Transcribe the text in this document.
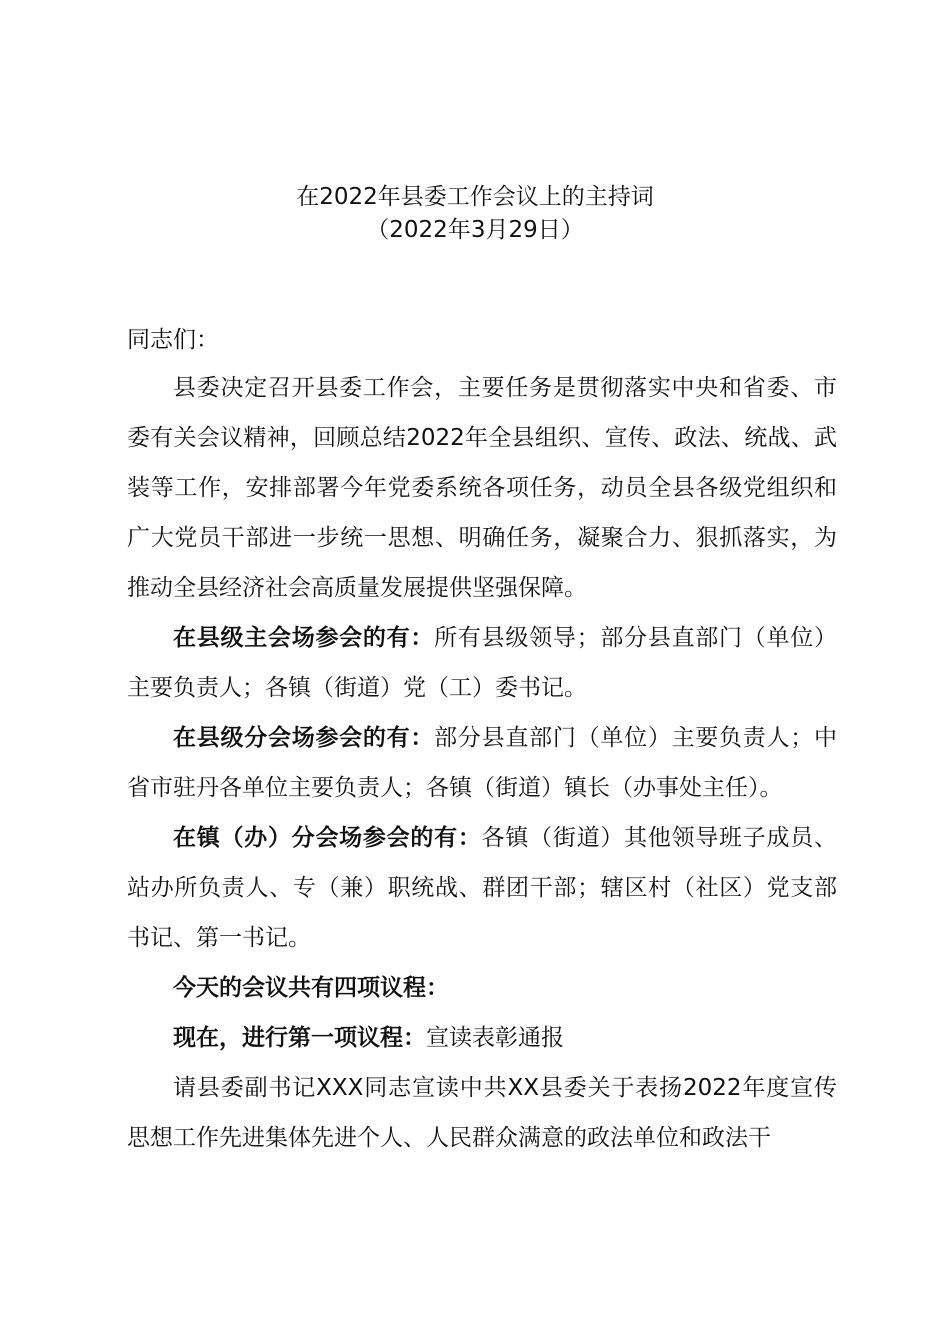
在2022年县委工作会议上的主持词
（2022年3月29日）
同志们：

县委决定召开县委工作会，主要任务是贯彻落实中央和省委、市委有关会议精神，回顾总结2022年全县组织、宣传、政法、统战、武装等工作，安排部署今年党委系统各项任务，动员全县各级党组织和广大党员干部进一步统一思想、明确任务，凝聚合力、狠抓落实，为推动全县经济社会高质量发展提供坚强保障。

在县级主会场参会的有：所有县级领导；部分县直部门（单位）主要负责人；各镇（街道）党（工）委书记。

在县级分会场参会的有：部分县直部门（单位）主要负责人；中省市驻丹各单位主要负责人；各镇（街道）镇长（办事处主任）。

在镇（办）分会场参会的有：各镇（街道）其他领导班子成员、站办所负责人、专（兼）职统战、群团干部；辖区村（社区）党支部书记、第一书记。

今天的会议共有四项议程：

现在，进行第一项议程：宣读表彰通报

请县委副书记XXX同志宣读中共XX县委关于表扬2022年度宣传思想工作先进集体先进个人、人民群众满意的政法单位和政法干
